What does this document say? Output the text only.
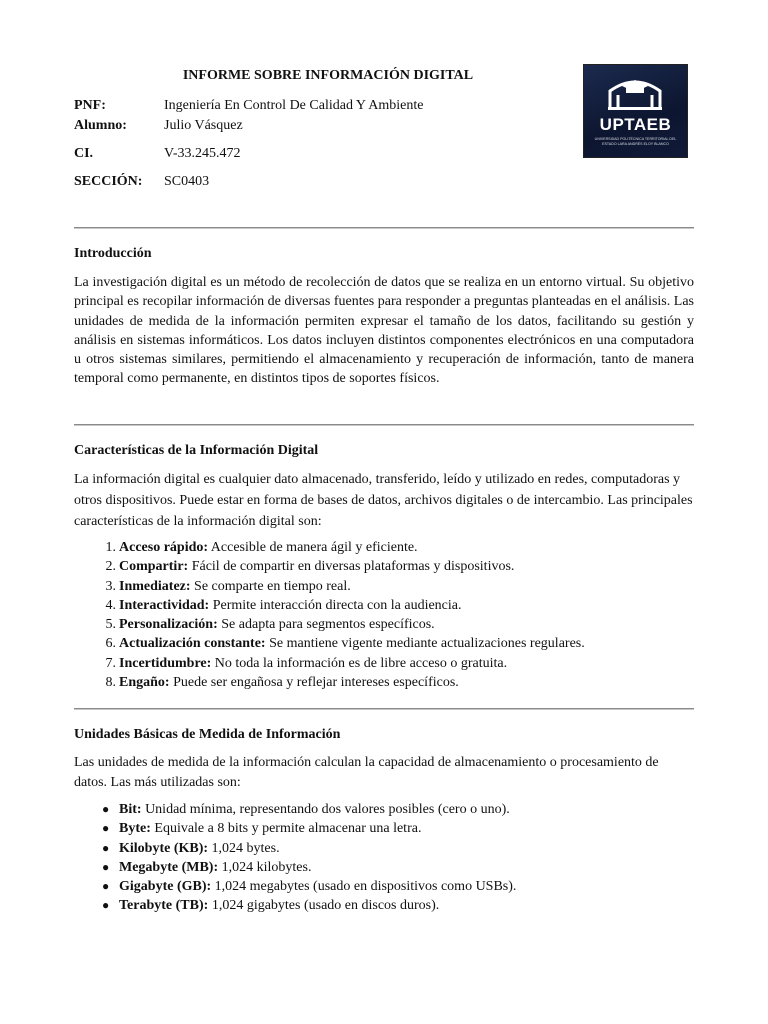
INFORME SOBRE INFORMACIÓN DIGITAL
PNF:	Ingeniería En Control De Calidad Y Ambiente
Alumno:	Julio Vásquez
CI.	V-33.245.472
SECCIÓN:	SC0403
UPTAEB
UNIVERSIDAD POLITÉCNICA TERRITORIAL DEL ESTADO LARA ANDRÉS ELOY BLANCO
Introducción

La investigación digital es un método de recolección de datos que se realiza en un entorno virtual. Su objetivo principal es recopilar información de diversas fuentes para responder a preguntas planteadas en el análisis. Las unidades de medida de la información permiten expresar el tamaño de los datos, facilitando su gestión y análisis en sistemas informáticos. Los datos incluyen distintos componentes electrónicos en una computadora u otros sistemas similares, permitiendo el almacenamiento y recuperación de información, tanto de manera temporal como permanente, en distintos tipos de soportes físicos.

Características de la Información Digital

La información digital es cualquier dato almacenado, transferido, leído y utilizado en redes, computadoras y otros dispositivos. Puede estar en forma de bases de datos, archivos digitales o de intercambio. Las principales características de la información digital son:

1. Acceso rápido: Accesible de manera ágil y eficiente.
2. Compartir: Fácil de compartir en diversas plataformas y dispositivos.
3. Inmediatez: Se comparte en tiempo real.
4. Interactividad: Permite interacción directa con la audiencia.
5. Personalización: Se adapta para segmentos específicos.
6. Actualización constante: Se mantiene vigente mediante actualizaciones regulares.
7. Incertidumbre: No toda la información es de libre acceso o gratuita.
8. Engaño: Puede ser engañosa y reflejar intereses específicos.
Unidades Básicas de Medida de Información

Las unidades de medida de la información calculan la capacidad de almacenamiento o procesamiento de datos. Las más utilizadas son:

● Bit: Unidad mínima, representando dos valores posibles (cero o uno).
● Byte: Equivale a 8 bits y permite almacenar una letra.
● Kilobyte (KB): 1,024 bytes.
● Megabyte (MB): 1,024 kilobytes.
● Gigabyte (GB): 1,024 megabytes (usado en dispositivos como USBs).
● Terabyte (TB): 1,024 gigabytes (usado en discos duros).
